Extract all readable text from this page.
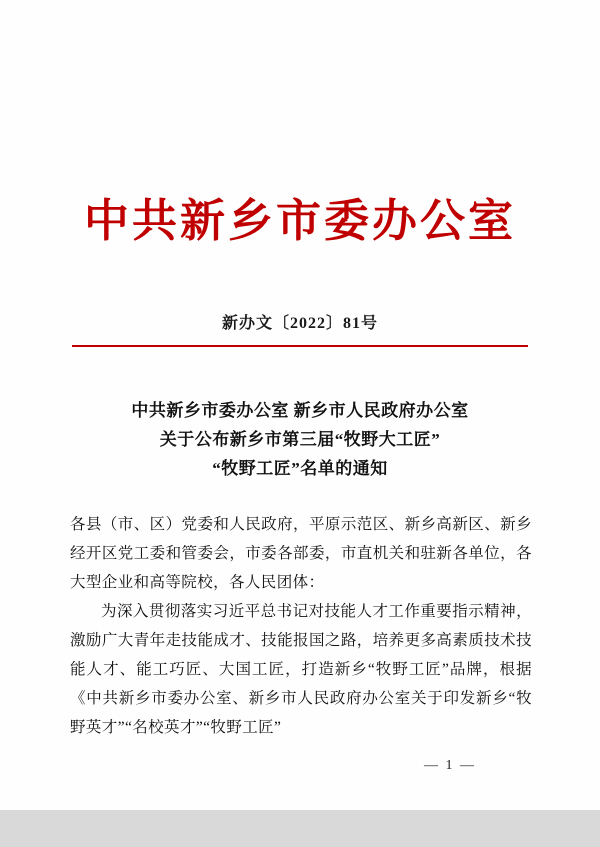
中共新乡市委办公室
新办文〔2022〕81号
中共新乡市委办公室 新乡市人民政府办公室
关于公布新乡市第三届“牧野大工匠”
“牧野工匠”名单的通知

各县（市、区）党委和人民政府，平原示范区、新乡高新区、新乡经开区党工委和管委会，市委各部委，市直机关和驻新各单位，各大型企业和高等院校，各人民团体：

为深入贯彻落实习近平总书记对技能人才工作重要指示精神，激励广大青年走技能成才、技能报国之路，培养更多高素质技术技能人才、能工巧匠、大国工匠，打造新乡“牧野工匠”品牌，根据《中共新乡市委办公室、新乡市人民政府办公室关于印发新乡“牧野英才”“名校英才”“牧野工匠”

— 1 —
